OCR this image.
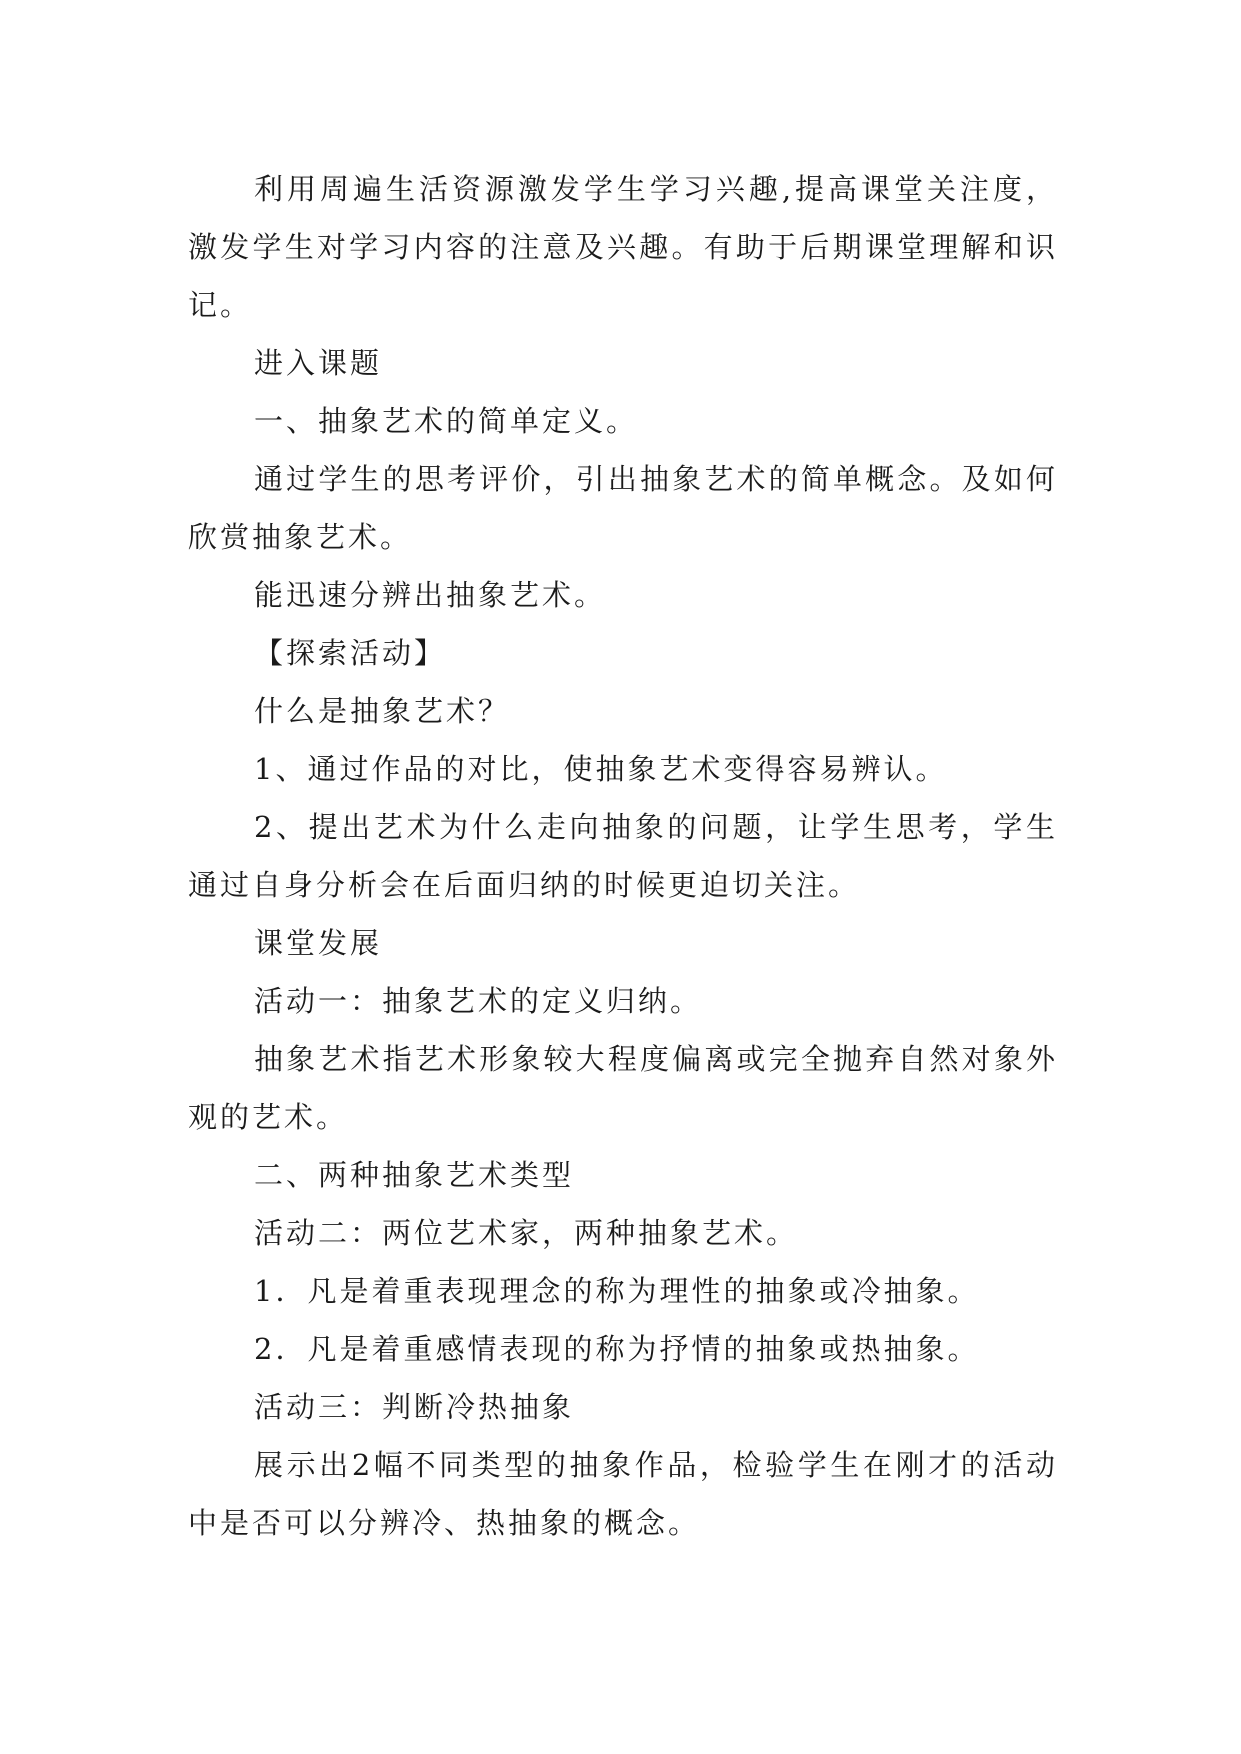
利用周遍生活资源激发学生学习兴趣,提高课堂关注度，激发学生对学习内容的注意及兴趣。有助于后期课堂理解和识记。

进入课题

一、抽象艺术的简单定义。

通过学生的思考评价，引出抽象艺术的简单概念。及如何欣赏抽象艺术。

能迅速分辨出抽象艺术。

【探索活动】

什么是抽象艺术？

1、通过作品的对比，使抽象艺术变得容易辨认。

2、提出艺术为什么走向抽象的问题，让学生思考，学生通过自身分析会在后面归纳的时候更迫切关注。

课堂发展

活动一：抽象艺术的定义归纳。

抽象艺术指艺术形象较大程度偏离或完全抛弃自然对象外观的艺术。

二、两种抽象艺术类型

活动二：两位艺术家，两种抽象艺术。

1．凡是着重表现理念的称为理性的抽象或冷抽象。

2．凡是着重感情表现的称为抒情的抽象或热抽象。

活动三：判断冷热抽象

展示出2幅不同类型的抽象作品，检验学生在刚才的活动中是否可以分辨冷、热抽象的概念。
